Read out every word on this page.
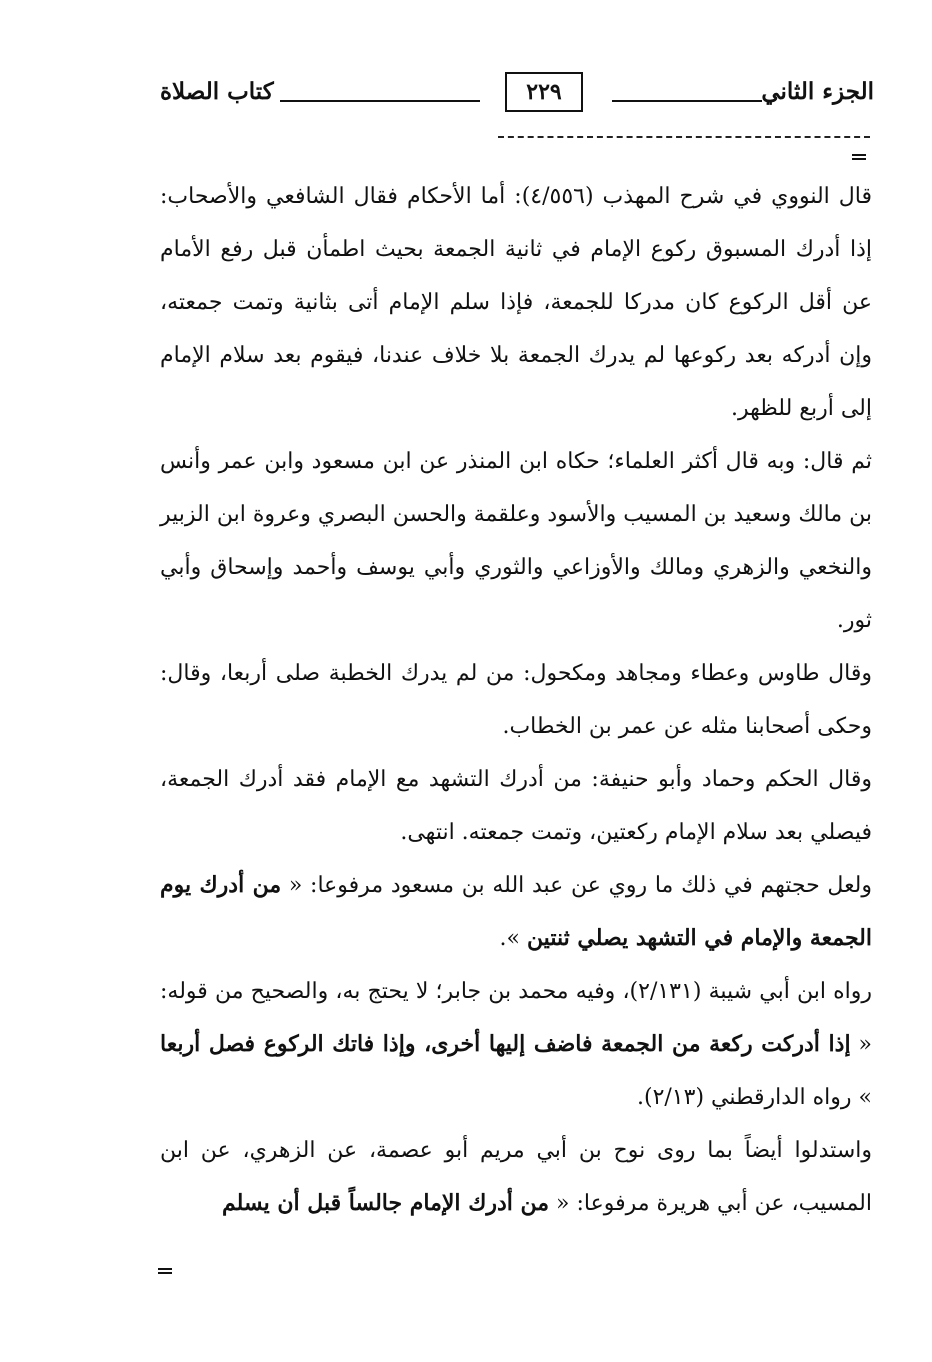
الجزء الثاني
٢٢٩
كتاب الصلاة

قال النووي في شرح المهذب (٤/٥٥٦): أما الأحكام فقال الشافعي والأصحاب: إذا أدرك المسبوق ركوع الإمام في ثانية الجمعة بحيث اطمأن قبل رفع الأمام عن أقل الركوع كان مدركا للجمعة، فإذا سلم الإمام أتى بثانية وتمت جمعته، وإن أدركه بعد ركوعها لم يدرك الجمعة بلا خلاف عندنا، فيقوم بعد سلام الإمام إلى أربع للظهر.

ثم قال: وبه قال أكثر العلماء؛ حكاه ابن المنذر عن ابن مسعود وابن عمر وأنس بن مالك وسعيد بن المسيب والأسود وعلقمة والحسن البصري وعروة ابن الزبير والنخعي والزهري ومالك والأوزاعي والثوري وأبي يوسف وأحمد وإسحاق وأبي ثور.

وقال طاوس وعطاء ومجاهد ومكحول: من لم يدرك الخطبة صلى أربعا، وقال: وحكى أصحابنا مثله عن عمر بن الخطاب.

وقال الحكم وحماد وأبو حنيفة: من أدرك التشهد مع الإمام فقد أدرك الجمعة، فيصلي بعد سلام الإمام ركعتين، وتمت جمعته. انتهى.

ولعل حجتهم في ذلك ما روي عن عبد الله بن مسعود مرفوعا: « من أدرك يوم الجمعة والإمام في التشهد يصلي ثنتين ».

رواه ابن أبي شيبة (٢/١٣١)، وفيه محمد بن جابر؛ لا يحتج به، والصحيح من قوله: « إذا أدركت ركعة من الجمعة فاضف إليها أخرى، وإذا فاتك الركوع فصل أربعا » رواه الدارقطني (٢/١٣).

واستدلوا أيضاً بما روى نوح بن أبي مريم أبو عصمة، عن الزهري، عن ابن المسيب، عن أبي هريرة مرفوعا: « من أدرك الإمام جالساً قبل أن يسلم
